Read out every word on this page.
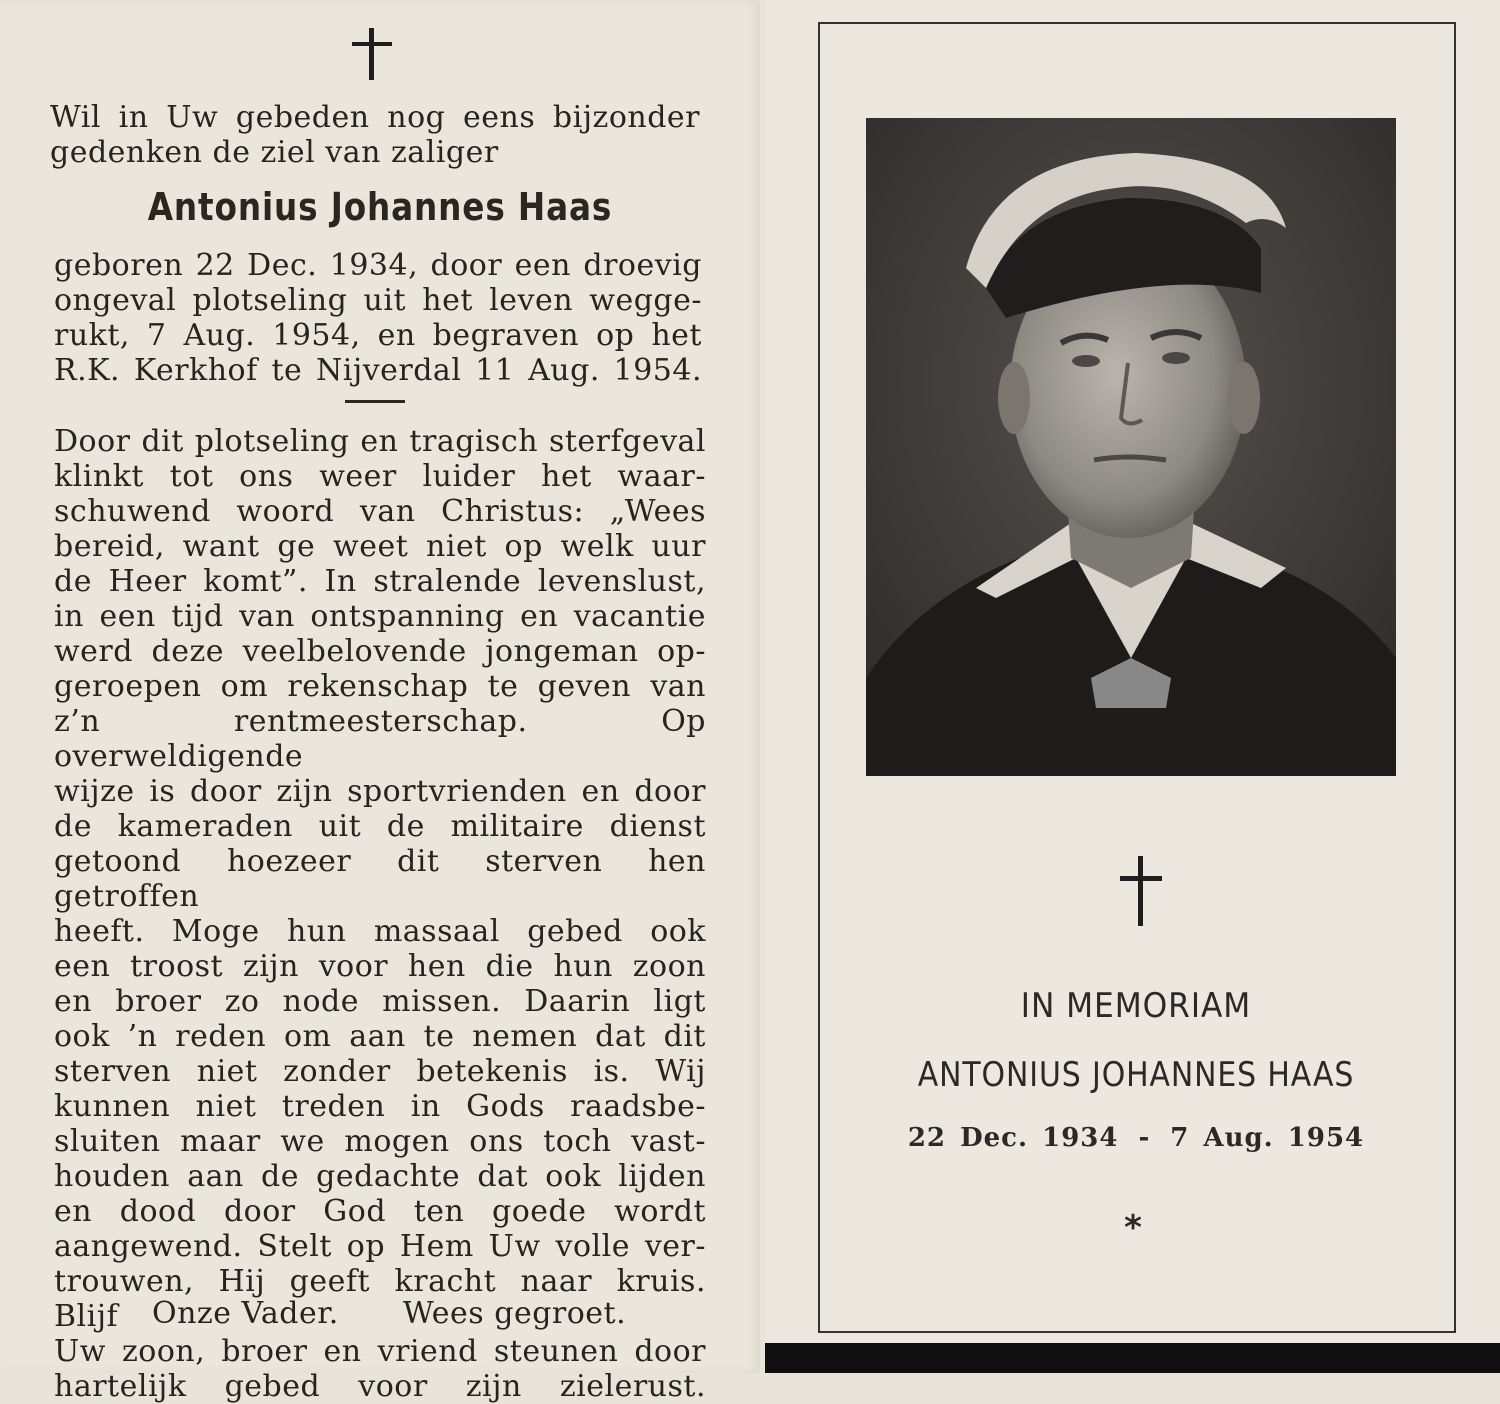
Wil in Uw gebeden nog eens bijzonder
gedenken de ziel van zaliger
Antonius Johannes Haas
geboren 22 Dec. 1934, door een droevig
ongeval plotseling uit het leven wegge-
rukt, 7 Aug. 1954, en begraven op het
R.K. Kerkhof te Nijverdal 11 Aug. 1954.
Door dit plotseling en tragisch sterfgeval
klinkt tot ons weer luider het waar-
schuwend woord van Christus: „Wees
bereid, want ge weet niet op welk uur
de Heer komt”. In stralende levenslust,
in een tijd van ontspanning en vacantie
werd deze veelbelovende jongeman op-
geroepen om rekenschap te geven van
z’n rentmeesterschap. Op overweldigende
wijze is door zijn sportvrienden en door
de kameraden uit de militaire dienst
getoond hoezeer dit sterven hen getroffen
heeft. Moge hun massaal gebed ook
een troost zijn voor hen die hun zoon
en broer zo node missen. Daarin ligt
ook ’n reden om aan te nemen dat dit
sterven niet zonder betekenis is. Wij
kunnen niet treden in Gods raadsbe-
sluiten maar we mogen ons toch vast-
houden aan de gedachte dat ook lijden
en dood door God ten goede wordt
aangewend. Stelt op Hem Uw volle ver-
trouwen, Hij geeft kracht naar kruis. Blijf
Uw zoon, broer en vriend steunen door
hartelijk gebed voor zijn zielerust.
Onze Vader. Wees gegroet.
IN MEMORIAM
ANTONIUS JOHANNES HAAS
22 Dec. 1934 - 7 Aug. 1954
*
